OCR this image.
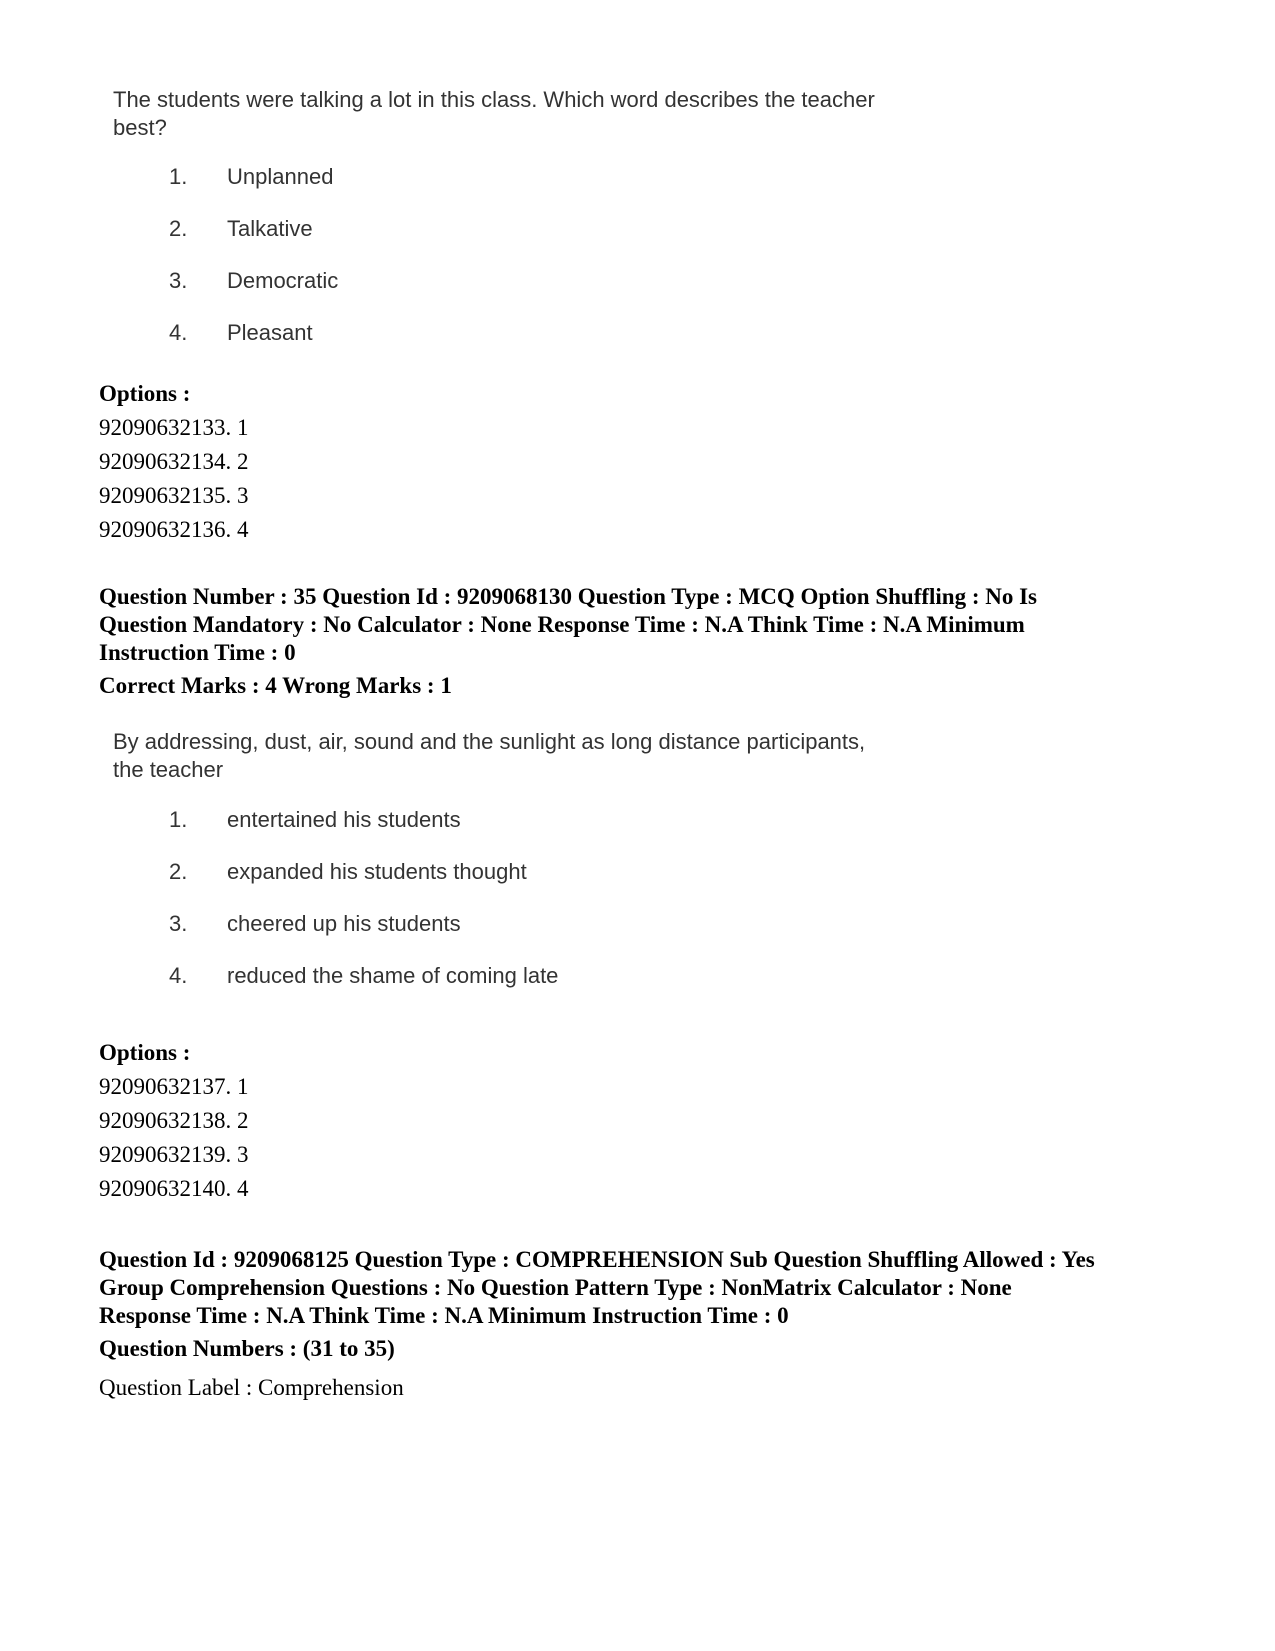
The students were talking a lot in this class. Which word describes the teacher
best?

1. Unplanned
2. Talkative
3. Democratic
4. Pleasant
Options :
92090632133. 1
92090632134. 2
92090632135. 3
92090632136. 4
Question Number : 35 Question Id : 9209068130 Question Type : MCQ Option Shuffling : No Is
Question Mandatory : No Calculator : None Response Time : N.A Think Time : N.A Minimum
Instruction Time : 0
Correct Marks : 4 Wrong Marks : 1

By addressing, dust, air, sound and the sunlight as long distance participants,
the teacher

1. entertained his students
2. expanded his students thought
3. cheered up his students
4. reduced the shame of coming late
Options :
92090632137. 1
92090632138. 2
92090632139. 3
92090632140. 4
Question Id : 9209068125 Question Type : COMPREHENSION Sub Question Shuffling Allowed : Yes
Group Comprehension Questions : No Question Pattern Type : NonMatrix Calculator : None
Response Time : N.A Think Time : N.A Minimum Instruction Time : 0
Question Numbers : (31 to 35)
Question Label : Comprehension
